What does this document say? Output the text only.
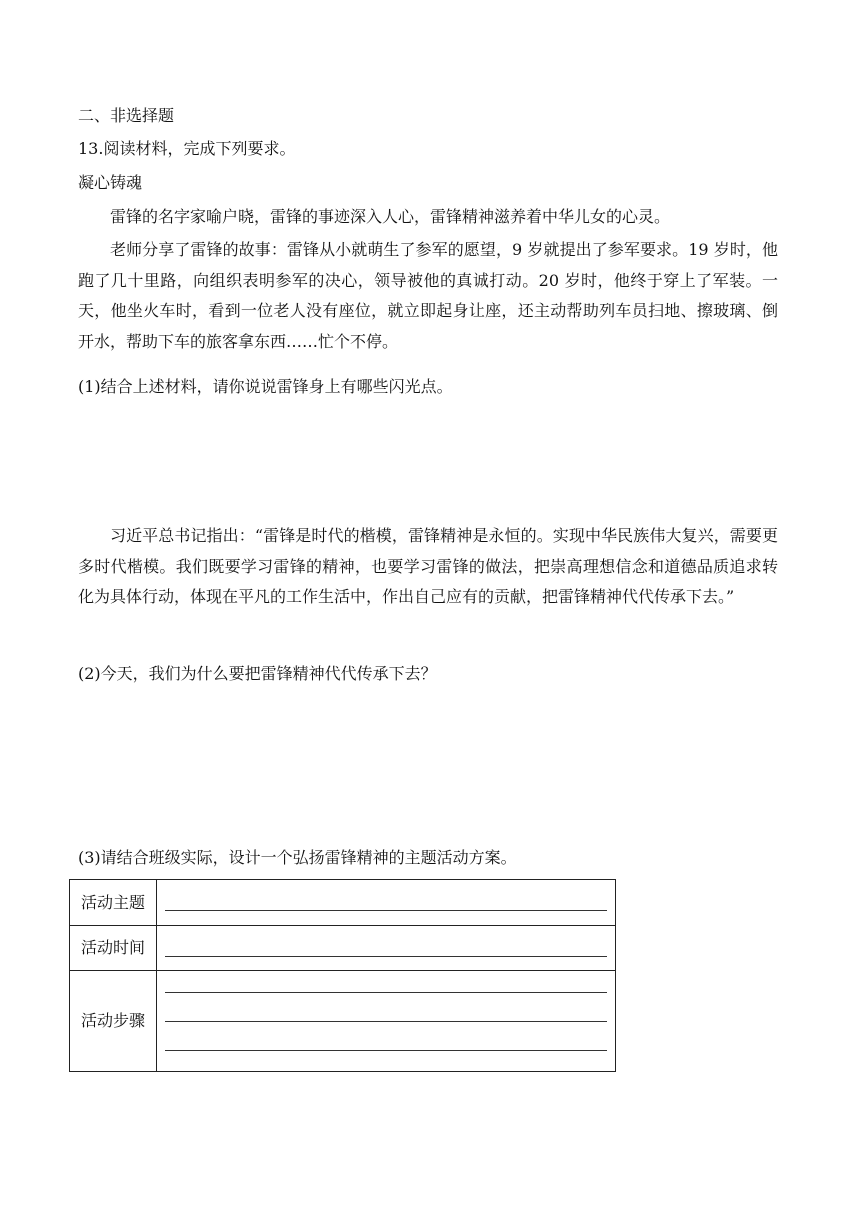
二、非选择题
13.阅读材料，完成下列要求。
凝心铸魂
雷锋的名字家喻户晓，雷锋的事迹深入人心，雷锋精神滋养着中华儿女的心灵。
老师分享了雷锋的故事：雷锋从小就萌生了参军的愿望，9 岁就提出了参军要求。19 岁时，他跑了几十里路，向组织表明参军的决心，领导被他的真诚打动。20 岁时，他终于穿上了军装。一天，他坐火车时，看到一位老人没有座位，就立即起身让座，还主动帮助列车员扫地、擦玻璃、倒开水，帮助下车的旅客拿东西……忙个不停。
(1)结合上述材料，请你说说雷锋身上有哪些闪光点。
习近平总书记指出：“雷锋是时代的楷模，雷锋精神是永恒的。实现中华民族伟大复兴，需要更多时代楷模。我们既要学习雷锋的精神，也要学习雷锋的做法，把崇高理想信念和道德品质追求转化为具体行动，体现在平凡的工作生活中，作出自己应有的贡献，把雷锋精神代代传承下去。”
(2)今天，我们为什么要把雷锋精神代代传承下去？
(3)请结合班级实际，设计一个弘扬雷锋精神的主题活动方案。
活动主题	

活动时间	

活动步骤	
